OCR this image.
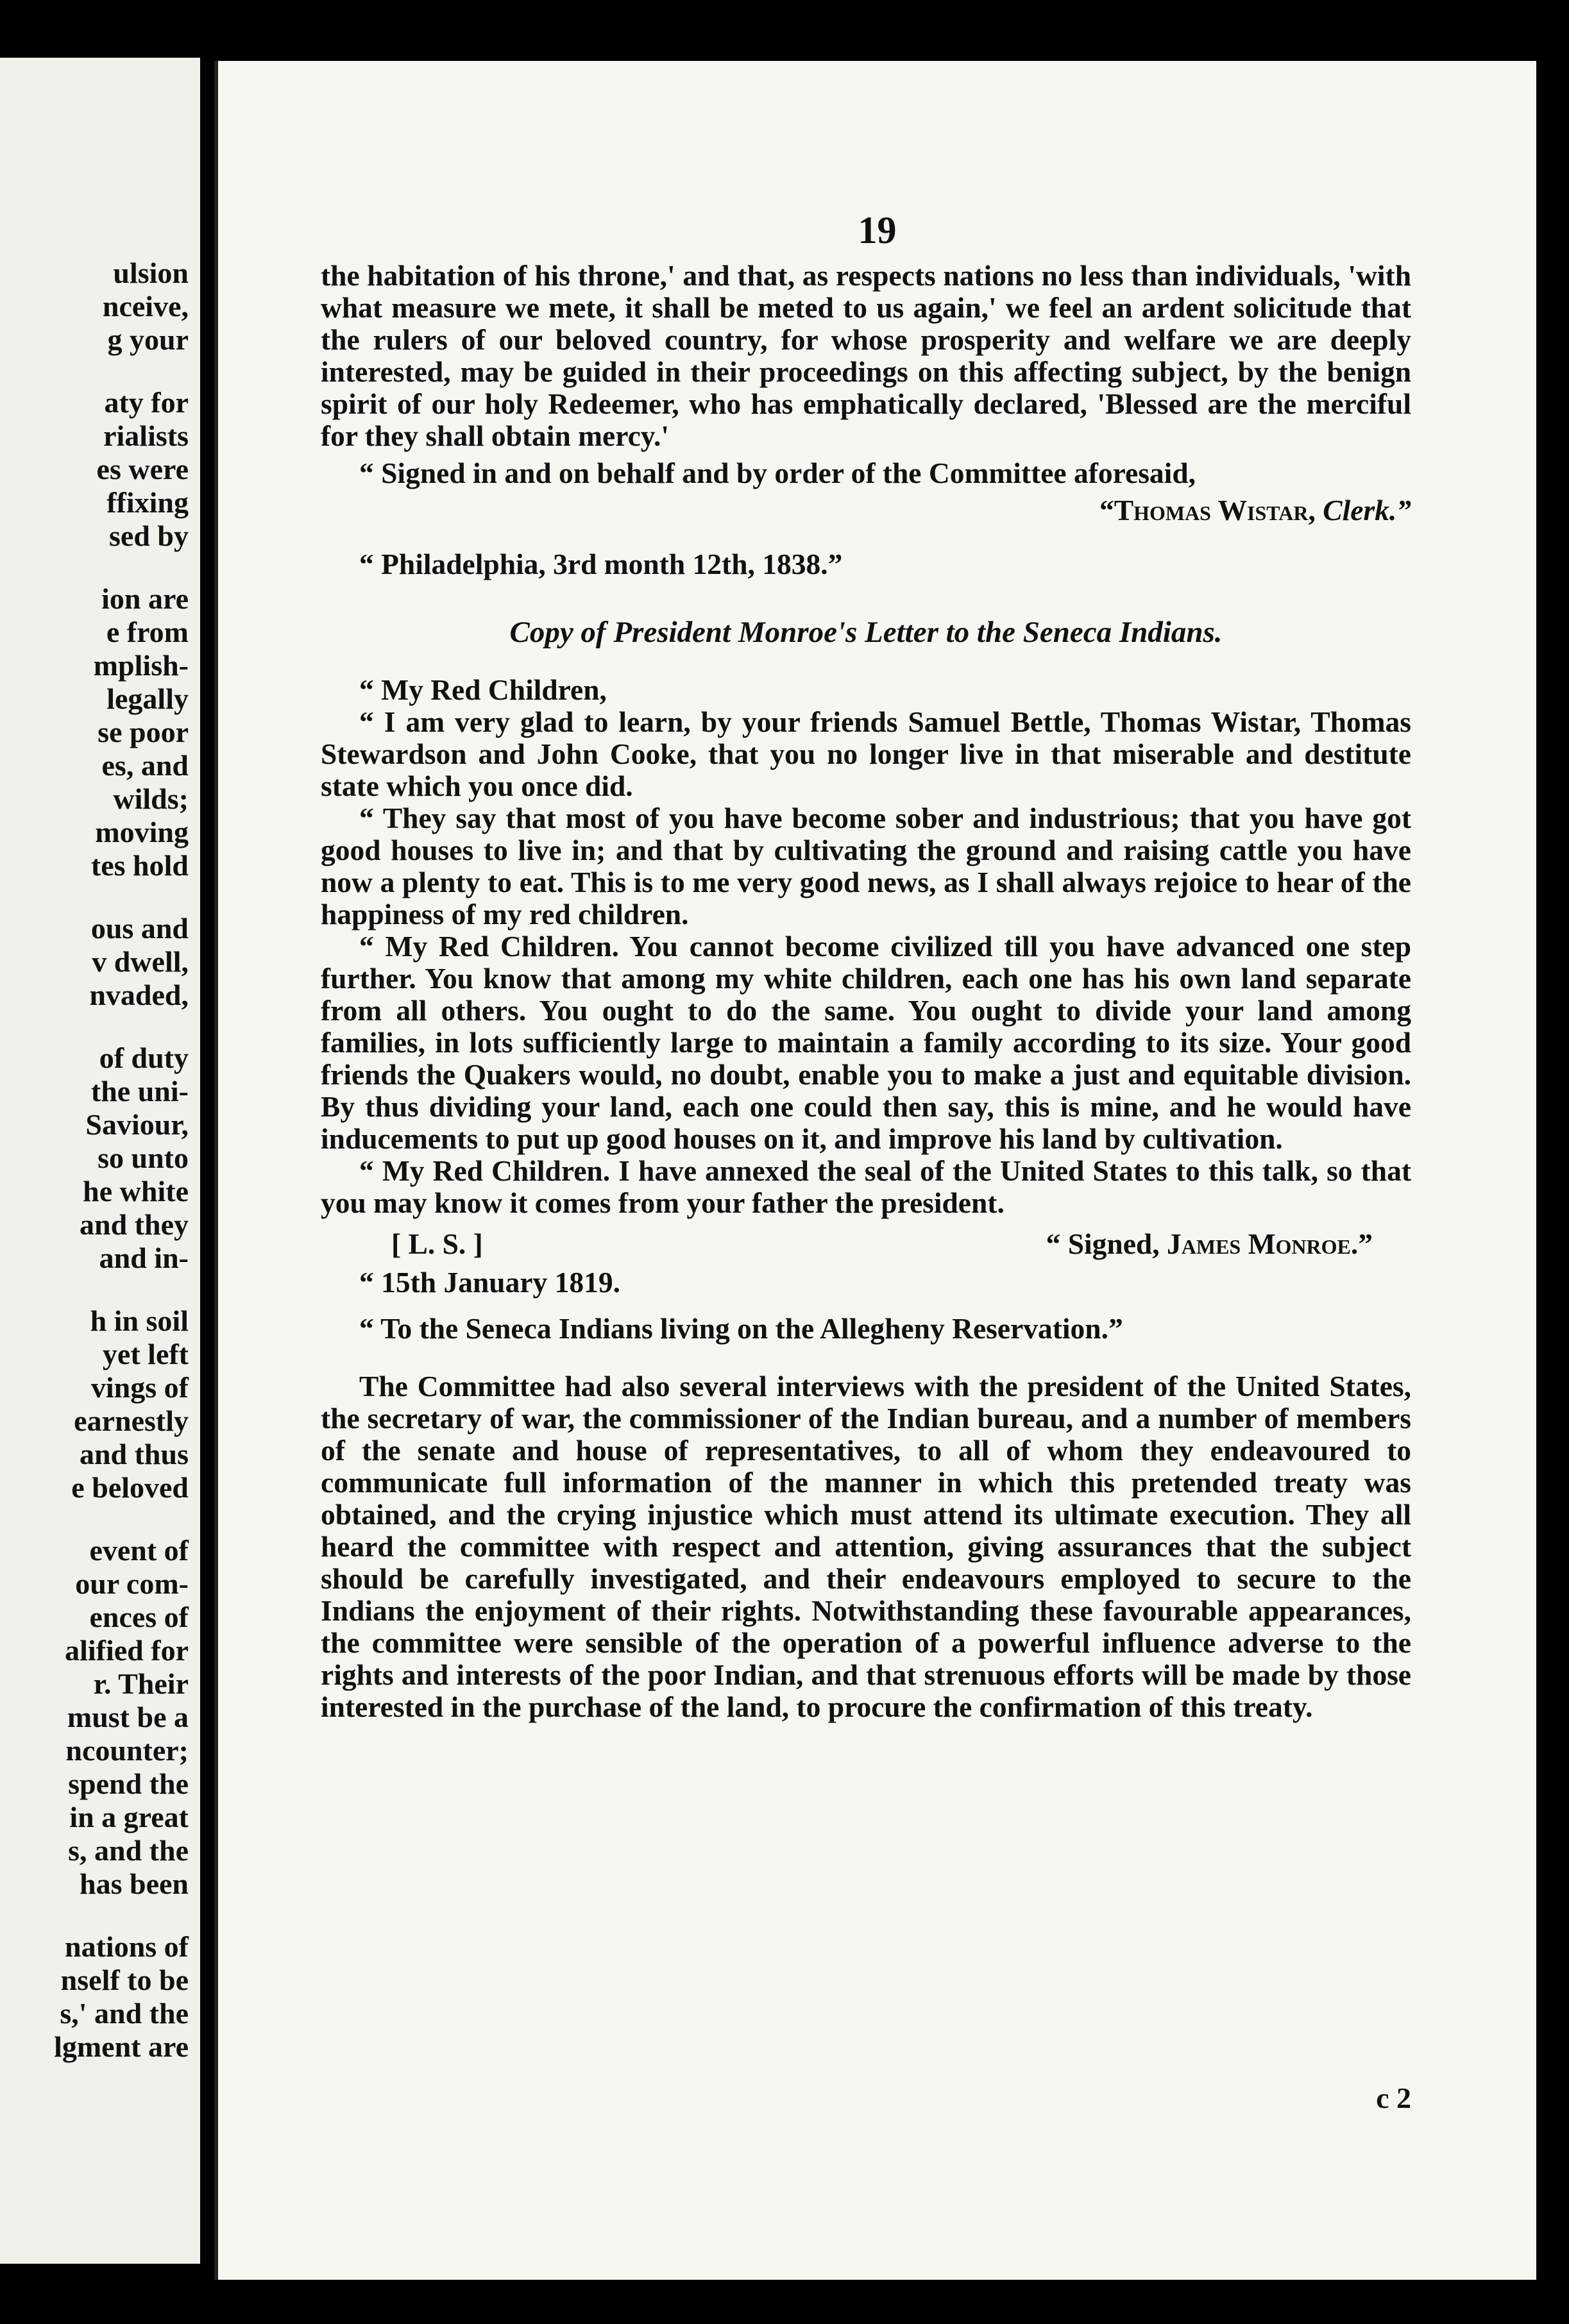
ulsion
nceive,
g your
aty for
rialists
es were
ffixing
sed by
ion are
e from
mplish-
legally
se poor
es, and
wilds;
moving
tes hold
ous and
v dwell,
nvaded,
of duty
the uni-
Saviour,
so unto
he white
and they
and in-
h in soil
yet left
vings of
earnestly
and thus
e beloved
event of
our com-
ences of
alified for
r. Their
must be a
ncounter;
spend the
in a great
s, and the
has been
nations of
nself to be
s,' and the
lgment are
19

the habitation of his throne,' and that, as respects nations no less than individuals, 'with what measure we mete, it shall be meted to us again,' we feel an ardent solicitude that the rulers of our beloved country, for whose prosperity and welfare we are deeply interested, may be guided in their proceedings on this affecting subject, by the benign spirit of our holy Redeemer, who has emphatically declared, 'Blessed are the merciful for they shall obtain mercy.'

“ Signed in and on behalf and by order of the Committee aforesaid,

“Thomas Wistar, Clerk.”

“ Philadelphia, 3rd month 12th, 1838.”
Copy of President Monroe's Letter to the Seneca Indians.
“ My Red Children,

“ I am very glad to learn, by your friends Samuel Bettle, Thomas Wistar, Thomas Stewardson and John Cooke, that you no longer live in that miserable and destitute state which you once did.

“ They say that most of you have become sober and industrious; that you have got good houses to live in; and that by cultivating the ground and raising cattle you have now a plenty to eat. This is to me very good news, as I shall always rejoice to hear of the happiness of my red children.

“ My Red Children. You cannot become civilized till you have advanced one step further. You know that among my white children, each one has his own land separate from all others. You ought to do the same. You ought to divide your land among families, in lots sufficiently large to maintain a family according to its size. Your good friends the Quakers would, no doubt, enable you to make a just and equitable division. By thus dividing your land, each one could then say, this is mine, and he would have inducements to put up good houses on it, and improve his land by cultivation.

“ My Red Children. I have annexed the seal of the United States to this talk, so that you may know it comes from your father the president.

[ L. S. ]	“ Signed, James Monroe.”
“ 15th January 1819.
“ To the Seneca Indians living on the Allegheny Reservation.”

The Committee had also several interviews with the president of the United States, the secretary of war, the commissioner of the Indian bureau, and a number of members of the senate and house of representatives, to all of whom they endeavoured to communicate full information of the manner in which this pretended treaty was obtained, and the crying injustice which must attend its ultimate execution. They all heard the committee with respect and attention, giving assurances that the subject should be carefully investigated, and their endeavours employed to secure to the Indians the enjoyment of their rights. Notwithstanding these favourable appearances, the committee were sensible of the operation of a powerful influence adverse to the rights and interests of the poor Indian, and that strenuous efforts will be made by those interested in the purchase of the land, to procure the confirmation of this treaty.

c 2
